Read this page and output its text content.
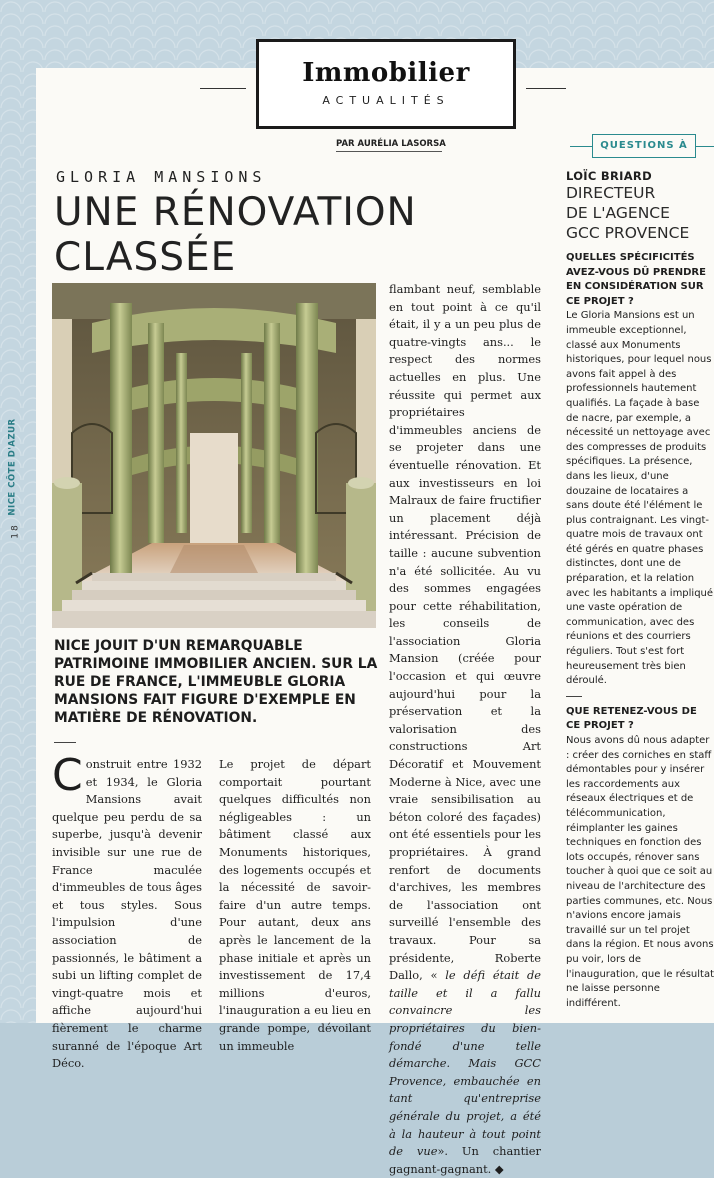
Immobilier
ACTUALITÉS
PAR AURÉLIA LASORSA	QUESTIONS À
GLORIA MANSIONS
UNE RÉNOVATION
CLASSÉE
NICE CÔTE D'AZUR
18
NICE JOUIT D'UN REMARQUABLE PATRIMOINE IMMOBILIER ANCIEN. SUR LA RUE DE FRANCE, L'IMMEUBLE GLORIA MANSIONS FAIT FIGURE D'EXEMPLE EN MATIÈRE DE RÉNOVATION.
Construit entre 1932 et 1934, le Gloria Mansions avait quelque peu perdu de sa superbe, jusqu'à devenir invisible sur une rue de France maculée d'immeubles de tous âges et tous styles. Sous l'impulsion d'une association de passionnés, le bâtiment a subi un lifting complet de vingt-quatre mois et affiche aujourd'hui fièrement le charme suranné de l'époque Art Déco.
Le projet de départ comportait pourtant quelques difficultés non négligeables : un bâtiment classé aux Monuments historiques, des logements occupés et la nécessité de savoir-faire d'un autre temps. Pour autant, deux ans après le lancement de la phase initiale et après un investissement de 17,4 millions d'euros, l'inauguration a eu lieu en grande pompe, dévoilant un immeuble
flambant neuf, semblable en tout point à ce qu'il était, il y a un peu plus de quatre-vingts ans... le respect des normes actuelles en plus. Une réussite qui permet aux propriétaires d'immeubles anciens de se projeter dans une éventuelle rénovation. Et aux investisseurs en loi Malraux de faire fructifier un placement déjà intéressant. Précision de taille : aucune subvention n'a été sollicitée. Au vu des sommes engagées pour cette réhabilitation, les conseils de l'association Gloria Mansion (créée pour l'occasion et qui œuvre aujourd'hui pour la préservation et la valorisation des constructions Art Décoratif et Mouvement Moderne à Nice, avec une vraie sensibilisation au béton coloré des façades) ont été essentiels pour les propriétaires. À grand renfort de documents d'archives, les membres de l'association ont surveillé l'ensemble des travaux. Pour sa présidente, Roberte Dallo, « le défi était de taille et il a fallu convaincre les propriétaires du bien-fondé d'une telle démarche. Mais GCC Provence, embauchée en tant qu'entreprise générale du projet, a été à la hauteur à tout point de vue». Un chantier gagnant-gagnant. ◆
LOÏC BRIARD
DIRECTEUR
DE L'AGENCE
GCC PROVENCE
QUELLES SPÉCIFICITÉS AVEZ-VOUS DÛ PRENDRE EN CONSIDÉRATION SUR CE PROJET ?
Le Gloria Mansions est un immeuble exceptionnel, classé aux Monuments historiques, pour lequel nous avons fait appel à des professionnels hautement qualifiés. La façade à base de nacre, par exemple, a nécessité un nettoyage avec des compresses de produits spécifiques. La présence, dans les lieux, d'une douzaine de locataires a sans doute été l'élément le plus contraignant. Les vingt-quatre mois de travaux ont été gérés en quatre phases distinctes, dont une de préparation, et la relation avec les habitants a impliqué une vaste opération de communication, avec des réunions et des courriers réguliers. Tout s'est fort heureusement très bien déroulé.
QUE RETENEZ-VOUS DE CE PROJET ?
Nous avons dû nous adapter : créer des corniches en staff démontables pour y insérer les raccordements aux réseaux électriques et de télécommunication, réimplanter les gaines techniques en fonction des lots occupés, rénover sans toucher à quoi que ce soit au niveau de l'architecture des parties communes, etc. Nous n'avions encore jamais travaillé sur un tel projet dans la région. Et nous avons pu voir, lors de l'inauguration, que le résultat ne laisse personne indifférent.
